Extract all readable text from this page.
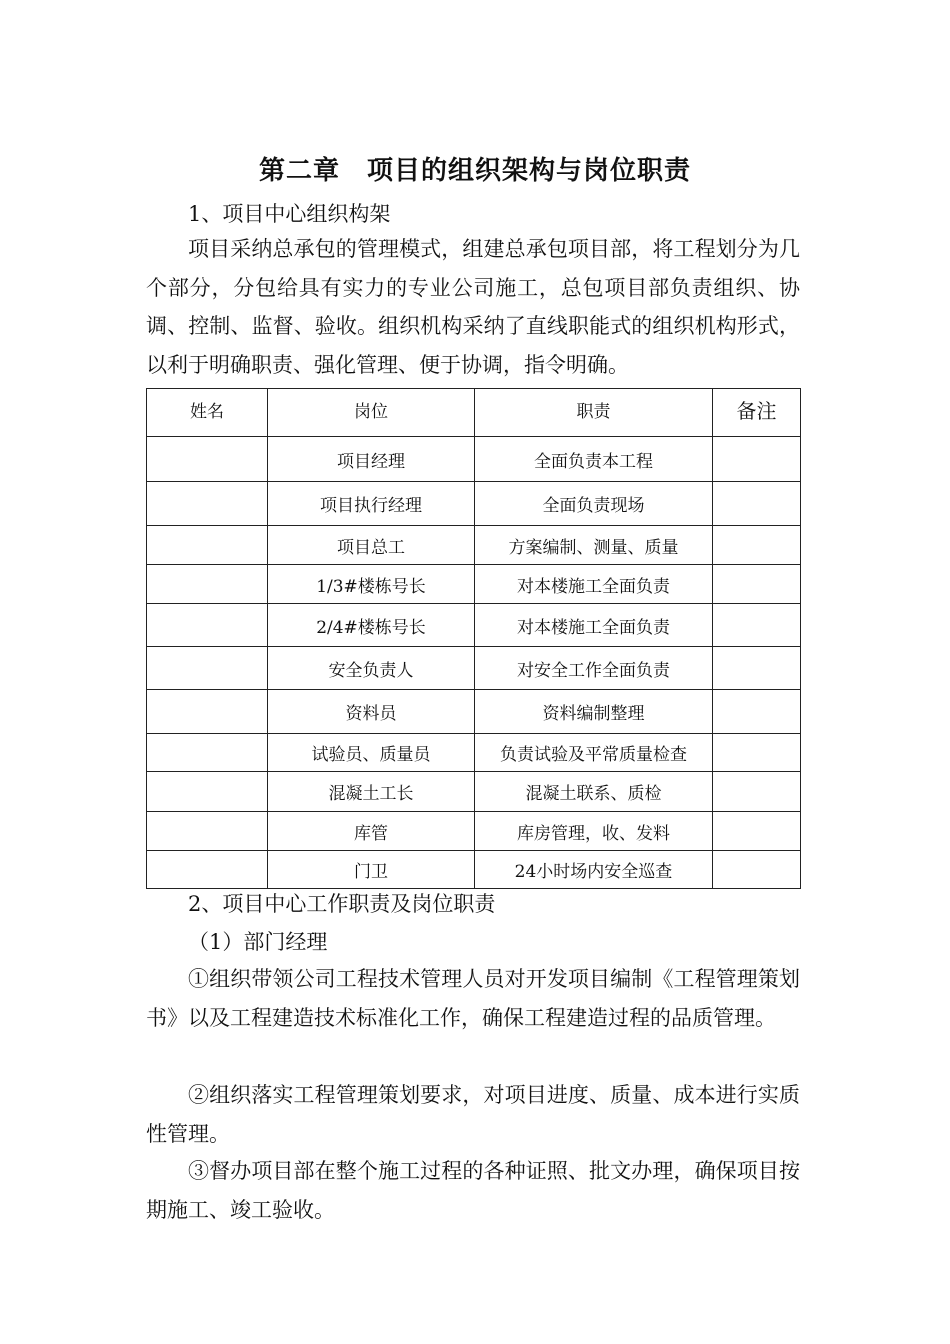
第二章　项目的组织架构与岗位职责
1、项目中心组织构架

项目采纳总承包的管理模式，组建总承包项目部，将工程划分为几个部分，分包给具有实力的专业公司施工，总包项目部负责组织、协调、控制、监督、验收。组织机构采纳了直线职能式的组织机构形式，以利于明确职责、强化管理、便于协调，指令明确。

姓名	岗位	职责	备注
	项目经理	全面负责本工程	
	项目执行经理	全面负责现场	
	项目总工	方案编制、测量、质量	
	1/3#楼栋号长	对本楼施工全面负责	
	2/4#楼栋号长	对本楼施工全面负责	
	安全负责人	对安全工作全面负责	
	资料员	资料编制整理	
	试验员、质量员	负责试验及平常质量检查	
	混凝土工长	混凝土联系、质检	
	库管	库房管理，收、发料	
	门卫	24小时场内安全巡查	
2、项目中心工作职责及岗位职责
（1）部门经理

①组织带领公司工程技术管理人员对开发项目编制《工程管理策划书》以及工程建造技术标准化工作，确保工程建造过程的品质管理。

②组织落实工程管理策划要求，对项目进度、质量、成本进行实质性管理。

③督办项目部在整个施工过程的各种证照、批文办理，确保项目按期施工、竣工验收。
